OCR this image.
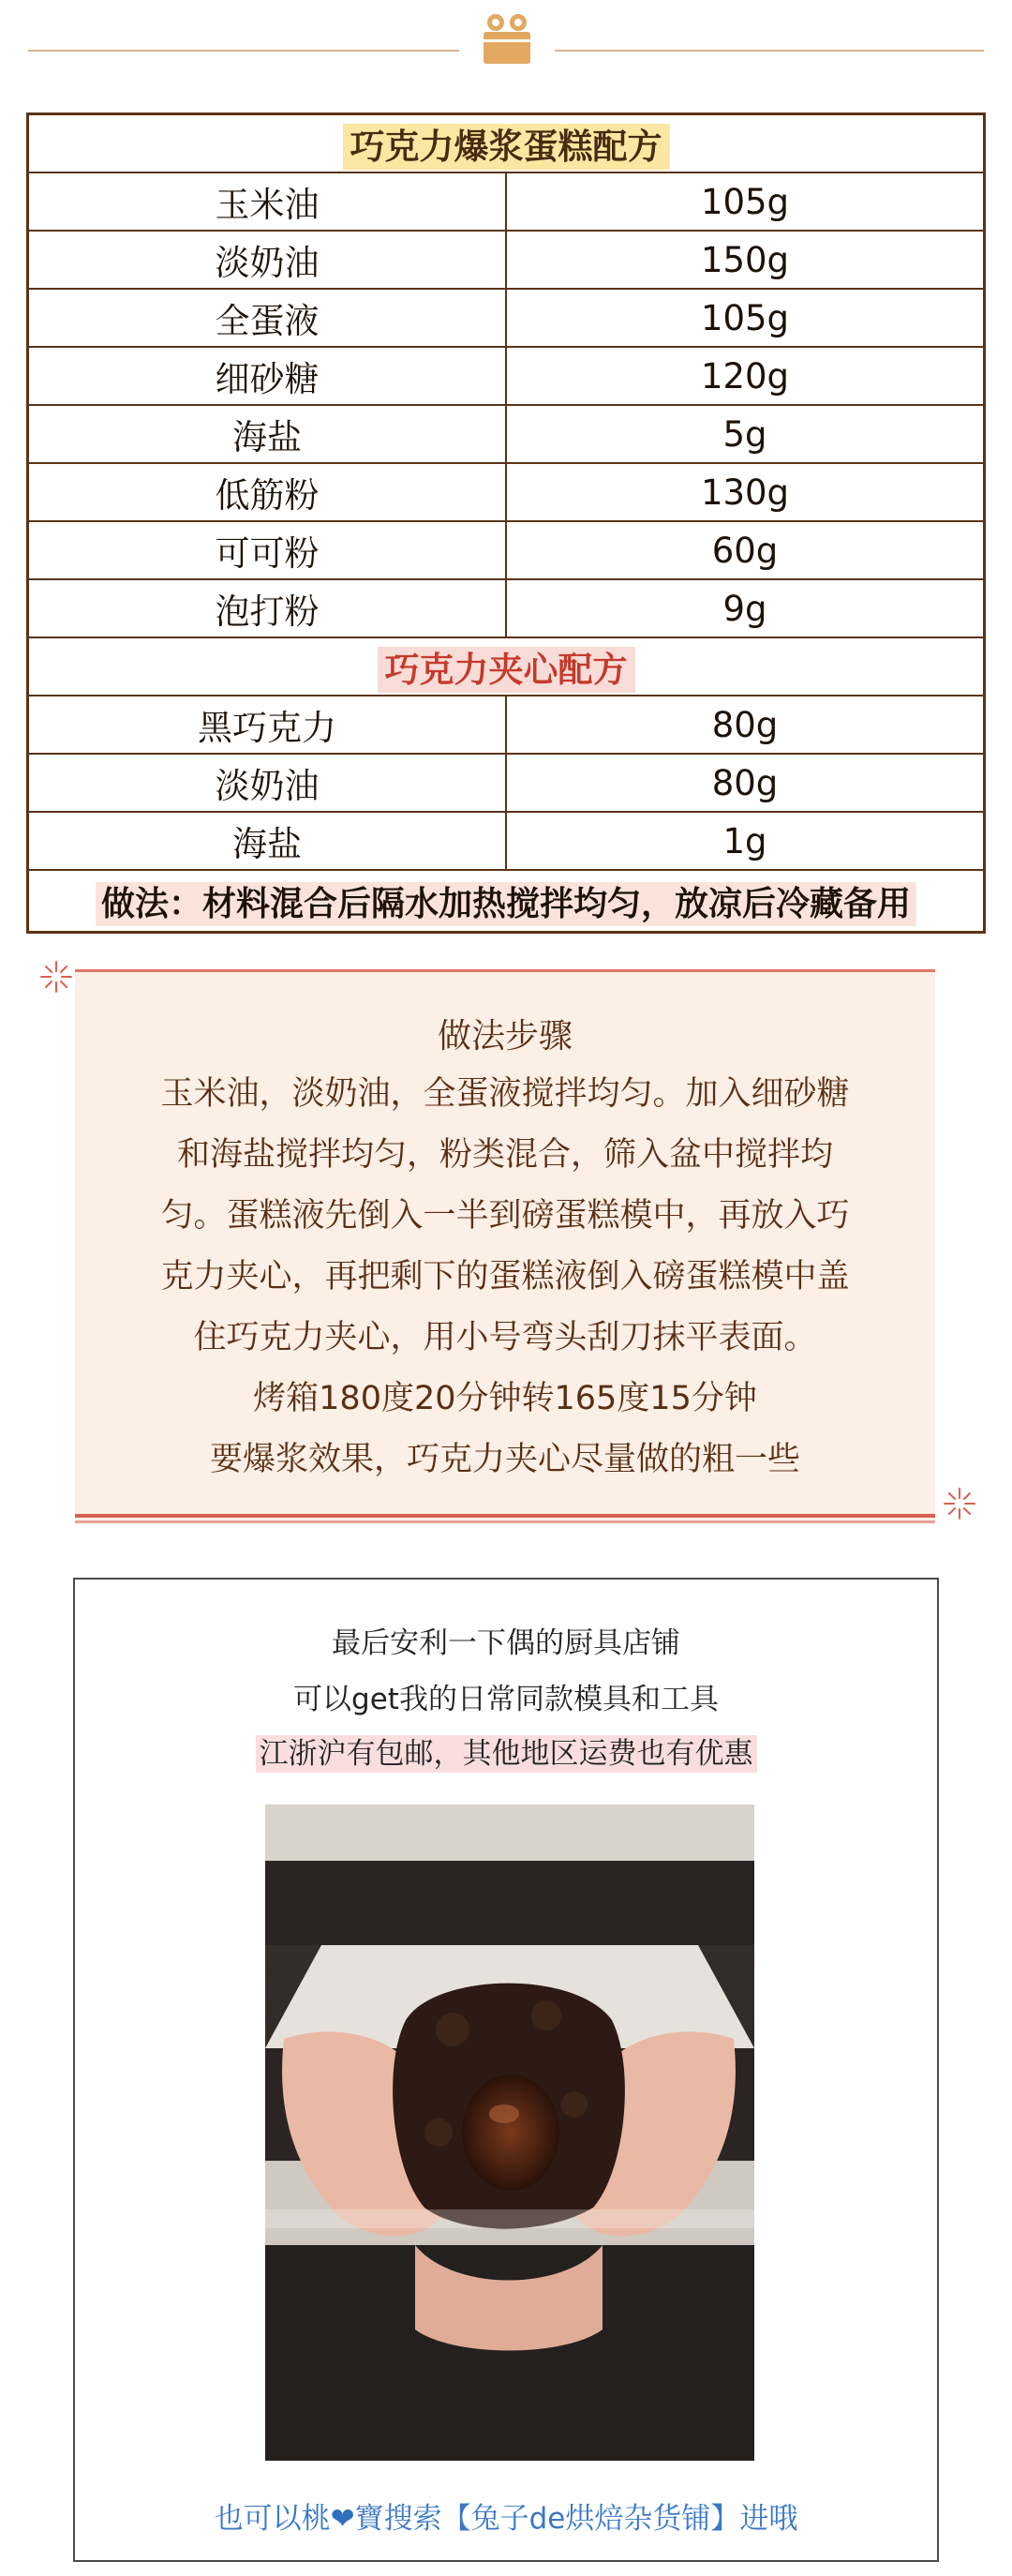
巧克力爆浆蛋糕配方	
玉米油	105g
淡奶油	150g
全蛋液	105g
细砂糖	120g
海盐	5g
低筋粉	130g
可可粉	60g
泡打粉	9g
巧克力夹心配方	
黑巧克力	80g
淡奶油	80g
海盐	1g
做法：材料混合后隔水加热搅拌均匀，放凉后冷藏备用	
做法步骤
玉米油，淡奶油，全蛋液搅拌均匀。加入细砂糖
和海盐搅拌均匀，粉类混合，筛入盆中搅拌均
匀。蛋糕液先倒入一半到磅蛋糕模中，再放入巧
克力夹心，再把剩下的蛋糕液倒入磅蛋糕模中盖
住巧克力夹心，用小号弯头刮刀抹平表面。
烤箱180度20分钟转165度15分钟
要爆浆效果，巧克力夹心尽量做的粗一些
最后安利一下偶的厨具店铺
可以get我的日常同款模具和工具
江浙沪有包邮，其他地区运费也有优惠
也可以桃❤寶搜索【兔子de烘焙杂货铺】进哦
